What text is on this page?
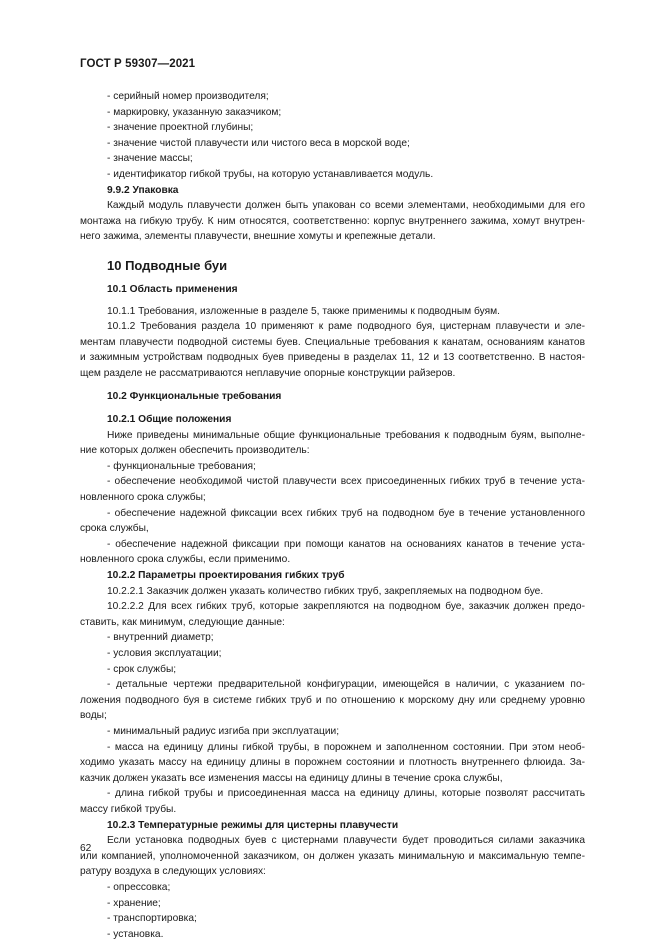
ГОСТ Р 59307—2021
- серийный номер производителя;
- маркировку, указанную заказчиком;
- значение проектной глубины;
- значение чистой плавучести или чистого веса в морской воде;
- значение массы;
- идентификатор гибкой трубы, на которую устанавливается модуль.
9.9.2 Упаковка
Каждый модуль плавучести должен быть упакован со всеми элементами, необходимыми для его
монтажа на гибкую трубу. К ним относятся, соответственно: корпус внутреннего зажима, хомут внутрен-
него зажима, элементы плавучести, внешние хомуты и крепежные детали.
10 Подводные буи
10.1 Область применения
10.1.1 Требования, изложенные в разделе 5, также применимы к подводным буям.
10.1.2 Требования раздела 10 применяют к раме подводного буя, цистернам плавучести и эле-
ментам плавучести подводной системы буев. Специальные требования к канатам, основаниям канатов
и зажимным устройствам подводных буев приведены в разделах 11, 12 и 13 соответственно. В настоя-
щем разделе не рассматриваются неплавучие опорные конструкции райзеров.
10.2 Функциональные требования
10.2.1 Общие положения
Ниже приведены минимальные общие функциональные требования к подводным буям, выполне-
ние которых должен обеспечить производитель:
- функциональные требования;
- обеспечение необходимой чистой плавучести всех присоединенных гибких труб в течение уста-
новленного срока службы;
- обеспечение надежной фиксации всех гибких труб на подводном буе в течение установленного
срока службы,
- обеспечение надежной фиксации при помощи канатов на основаниях канатов в течение уста-
новленного срока службы, если применимо.
10.2.2 Параметры проектирования гибких труб
10.2.2.1 Заказчик должен указать количество гибких труб, закрепляемых на подводном буе.
10.2.2.2 Для всех гибких труб, которые закрепляются на подводном буе, заказчик должен предо-
ставить, как минимум, следующие данные:
- внутренний диаметр;
- условия эксплуатации;
- срок службы;
- детальные чертежи предварительной конфигурации, имеющейся в наличии, с указанием по-
ложения подводного буя в системе гибких труб и по отношению к морскому дну или среднему уровню
воды;
- минимальный радиус изгиба при эксплуатации;
- масса на единицу длины гибкой трубы, в порожнем и заполненном состоянии. При этом необ-
ходимо указать массу на единицу длины в порожнем состоянии и плотность внутреннего флюида. За-
казчик должен указать все изменения массы на единицу длины в течение срока службы,
- длина гибкой трубы и присоединенная масса на единицу длины, которые позволят рассчитать
массу гибкой трубы.
10.2.3 Температурные режимы для цистерны плавучести
Если установка подводных буев с цистернами плавучести будет проводиться силами заказчика
или компанией, уполномоченной заказчиком, он должен указать минимальную и максимальную темпе-
ратуру воздуха в следующих условиях:
- опрессовка;
- хранение;
- транспортировка;
- установка.
62
